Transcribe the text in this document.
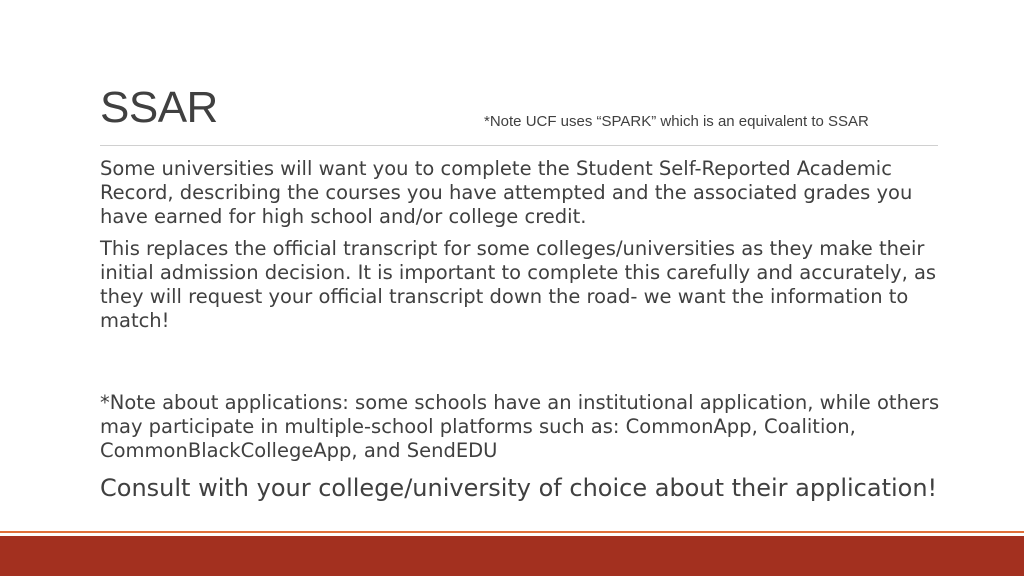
SSAR	*Note UCF uses “SPARK” which is an equivalent to SSAR

Some universities will want you to complete the Student Self-Reported Academic Record, describing the courses you have attempted and the associated grades you have earned for high school and/or college credit.

This replaces the official transcript for some colleges/universities as they make their initial admission decision. It is important to complete this carefully and accurately, as they will request your official transcript down the road- we want the information to match!

*Note about applications: some schools have an institutional application, while others may participate in multiple-school platforms such as: CommonApp, Coalition, CommonBlackCollegeApp, and SendEDU

Consult with your college/university of choice about their application!
